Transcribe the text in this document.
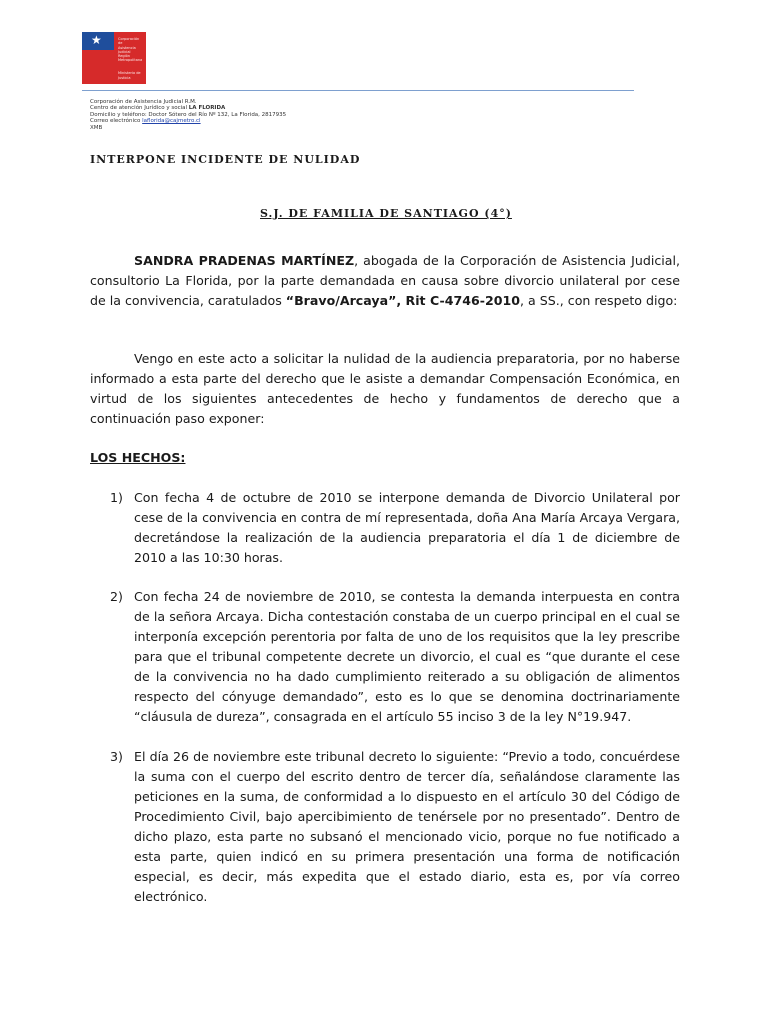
★	Corporación de
Asistencia
Judicial
Región Metropolitana
Ministerio de
Justicia
Corporación de Asistencia Judicial R.M.
Centro de atención Jurídico y social LA FLORIDA
Domicilio y teléfono: Doctor Sótero del Río Nº 132, La Florida, 2817935
Correo electrónico laflorida@cajmetro.cl
XMB
INTERPONE INCIDENTE DE NULIDAD
S.J. DE FAMILIA DE SANTIAGO (4°)
SANDRA PRADENAS MARTÍNEZ, abogada de la Corporación de Asistencia Judicial, consultorio La Florida, por la parte demandada en causa sobre divorcio unilateral por cese de la convivencia, caratulados “Bravo/Arcaya”, Rit C-4746-2010, a SS., con respeto digo:
Vengo en este acto a solicitar la nulidad de la audiencia preparatoria, por no haberse informado a esta parte del derecho que le asiste a demandar Compensación Económica, en virtud de los siguientes antecedentes de hecho y fundamentos de derecho que a continuación paso exponer:
LOS HECHOS:
1) Con fecha 4 de octubre de 2010 se interpone demanda de Divorcio Unilateral por cese de la convivencia en contra de mí representada, doña Ana María Arcaya Vergara, decretándose la realización de la audiencia preparatoria el día 1 de diciembre de 2010 a las 10:30 horas.
2) Con fecha 24 de noviembre de 2010, se contesta la demanda interpuesta en contra de la señora Arcaya. Dicha contestación constaba de un cuerpo principal en el cual se interponía excepción perentoria por falta de uno de los requisitos que la ley prescribe para que el tribunal competente decrete un divorcio, el cual es “que durante el cese de la convivencia no ha dado cumplimiento reiterado a su obligación de alimentos respecto del cónyuge demandado”, esto es lo que se denomina doctrinariamente “cláusula de dureza”, consagrada en el artículo 55 inciso 3 de la ley N°19.947.
3) El día 26 de noviembre este tribunal decreto lo siguiente: “Previo a todo, concuérdese la suma con el cuerpo del escrito dentro de tercer día, señalándose claramente las peticiones en la suma, de conformidad a lo dispuesto en el artículo 30 del Código de Procedimiento Civil, bajo apercibimiento de tenérsele por no presentado”. Dentro de dicho plazo, esta parte no subsanó el mencionado vicio, porque no fue notificado a esta parte, quien indicó en su primera presentación una forma de notificación especial, es decir, más expedita que el estado diario, esta es, por vía correo electrónico.
